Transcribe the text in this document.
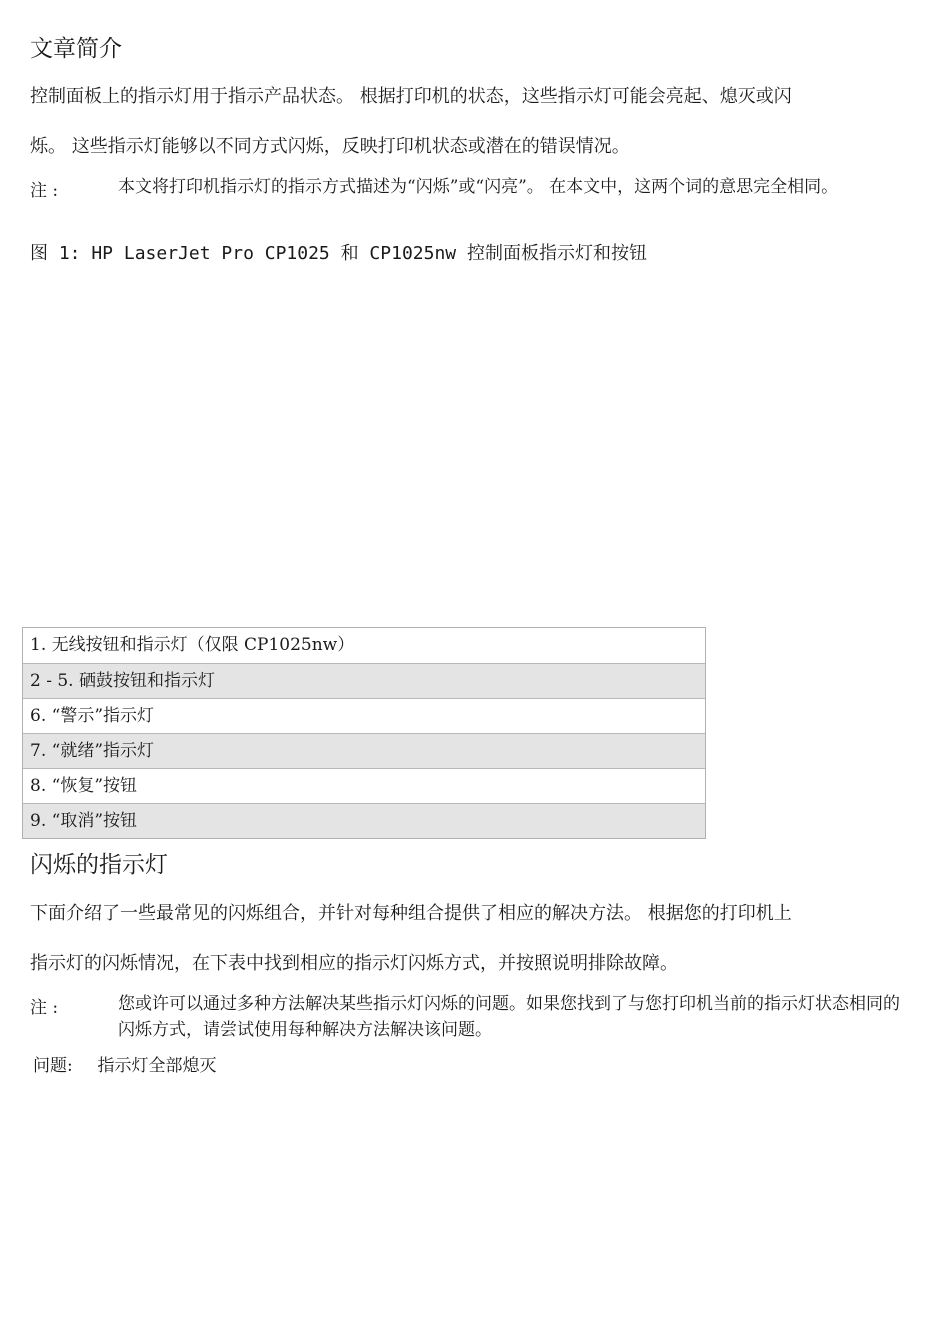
文章简介
控制面板上的指示灯用于指示产品状态。 根据打印机的状态，这些指示灯可能会亮起、熄灭或闪
烁。 这些指示灯能够以不同方式闪烁，反映打印机状态或潜在的错误情况。
注 :	本文将打印机指示灯的指示方式描述为“闪烁”或“闪亮”。 在本文中，这两个词的意思完全相同。
图 1: HP LaserJet Pro CP1025 和 CP1025nw 控制面板指示灯和按钮
1. 无线按钮和指示灯（仅限 CP1025nw）
2 - 5. 硒鼓按钮和指示灯
6. “警示”指示灯
7. “就绪”指示灯
8. “恢复”按钮
9. “取消”按钮
闪烁的指示灯
下面介绍了一些最常见的闪烁组合，并针对每种组合提供了相应的解决方法。 根据您的打印机上
指示灯的闪烁情况，在下表中找到相应的指示灯闪烁方式，并按照说明排除故障。
注 :	您或许可以通过多种方法解决某些指示灯闪烁的问题。如果您找到了与您打印机当前的指示灯状态相同的闪烁方式，请尝试使用每种解决方法解决该问题。
问题: 指示灯全部熄灭
